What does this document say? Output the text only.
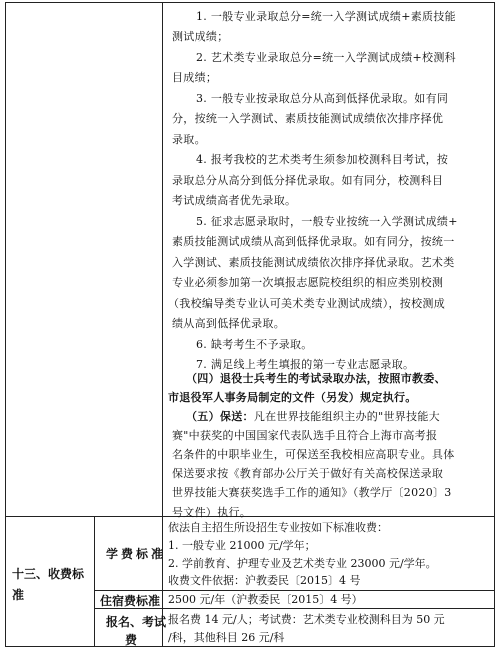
1. 一般专业录取总分=统一入学测试成绩+素质技能
测试成绩；
2. 艺术类专业录取总分=统一入学测试成绩+校测科
目成绩；
3. 一般专业按录取总分从高到低择优录取。如有同
分，按统一入学测试、素质技能测试成绩依次排序择优
录取。
4. 报考我校的艺术类考生须参加校测科目考试，按
录取总分从高分到低分择优录取。如有同分，校测科目
考试成绩高者优先录取。
5. 征求志愿录取时，一般专业按统一入学测试成绩+
素质技能测试成绩从高到低择优录取。如有同分，按统一
入学测试、素质技能测试成绩依次排序择优录取。艺术类
专业必须参加第一次填报志愿院校组织的相应类别校测
（我校编导类专业认可美术类专业测试成绩），按校测成
绩从高到低择优录取。
6. 缺考考生不予录取。
7. 满足线上考生填报的第一专业志愿录取。
（四）退役士兵考生的考试录取办法，按照市教委、
市退役军人事务局制定的文件（另发）规定执行。
（五）保送：凡在世界技能组织主办的"世界技能大
赛"中获奖的中国国家代表队选手且符合上海市高考报
名条件的中职毕业生，可保送至我校相应高职专业。具体
保送要求按《教育部办公厅关于做好有关高校保送录取
世界技能大赛获奖选手工作的通知》（教学厅〔2020〕3
号文件）执行。
十三、收费标
准
学费标准
依法自主招生所设招生专业按如下标准收费：
1. 一般专业 21000 元/学年；
2. 学前教育、护理专业及艺术类专业 23000 元/学年。
收费文件依据：沪教委民〔2015〕4 号
住宿费标准 2500 元/年（沪教委民〔2015〕4 号）
报名、考试
费
报名费 14 元/人；考试费：艺术类专业校测科目为 50 元
/科，其他科目 26 元/科
